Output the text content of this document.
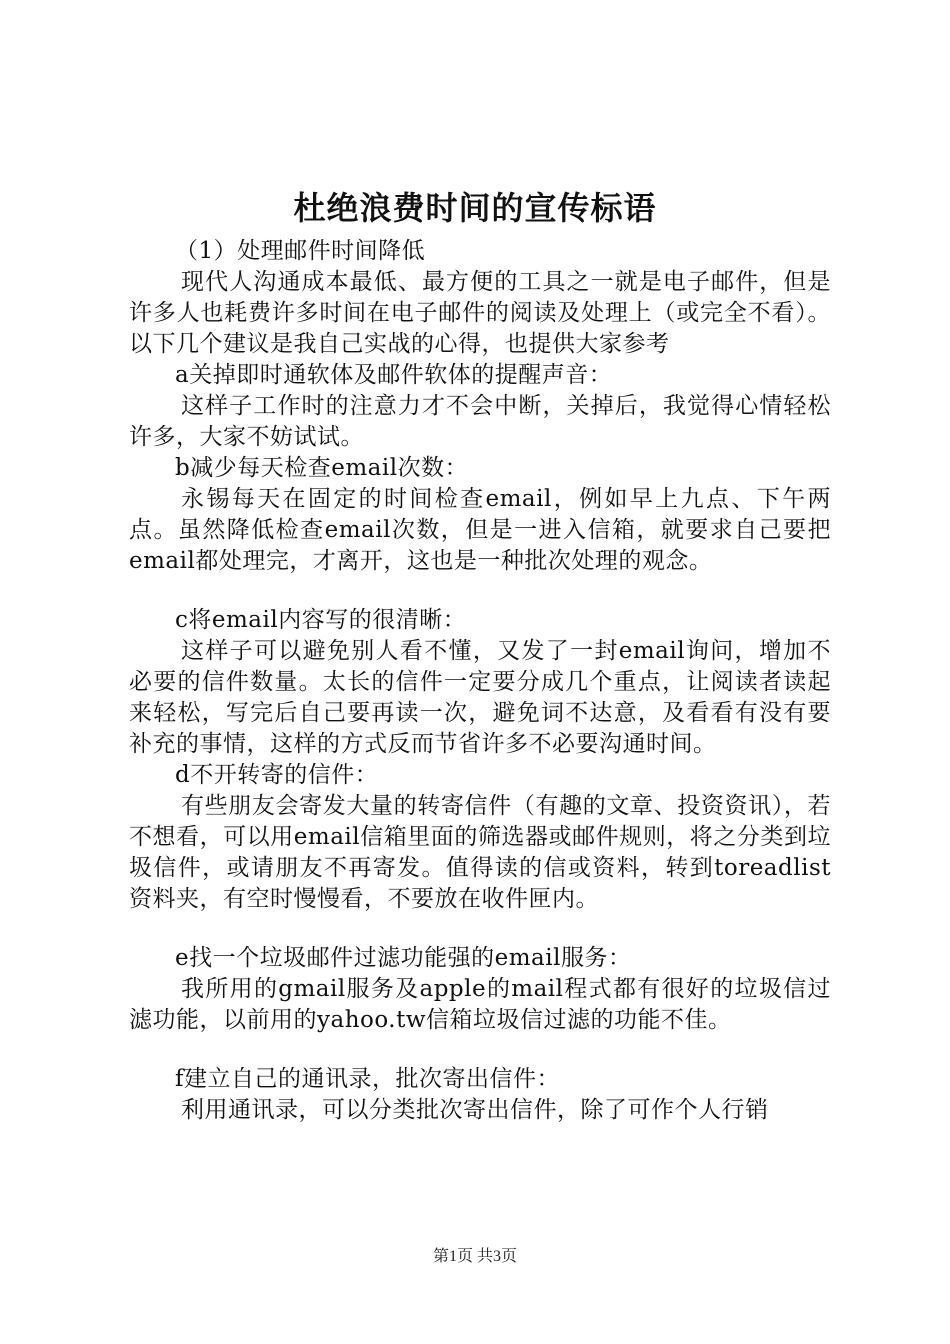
杜绝浪费时间的宣传标语

（1）处理邮件时间降低

现代人沟通成本最低、最方便的工具之一就是电子邮件，但是许多人也耗费许多时间在电子邮件的阅读及处理上（或完全不看）。以下几个建议是我自己实战的心得，也提供大家参考

a关掉即时通软体及邮件软体的提醒声音：

这样子工作时的注意力才不会中断，关掉后，我觉得心情轻松许多，大家不妨试试。

b减少每天检查email次数：

永锡每天在固定的时间检查email，例如早上九点、下午两点。虽然降低检查email次数，但是一进入信箱，就要求自己要把email都处理完，才离开，这也是一种批次处理的观念。

c将email内容写的很清晰：

这样子可以避免别人看不懂，又发了一封email询问，增加不必要的信件数量。太长的信件一定要分成几个重点，让阅读者读起来轻松，写完后自己要再读一次，避免词不达意，及看看有没有要补充的事情，这样的方式反而节省许多不必要沟通时间。

d不开转寄的信件：

有些朋友会寄发大量的转寄信件（有趣的文章、投资资讯），若不想看，可以用email信箱里面的筛选器或邮件规则，将之分类到垃圾信件，或请朋友不再寄发。值得读的信或资料，转到toreadlist资料夹，有空时慢慢看，不要放在收件匣内。

e找一个垃圾邮件过滤功能强的email服务：

我所用的gmail服务及apple的mail程式都有很好的垃圾信过滤功能，以前用的yahoo.tw信箱垃圾信过滤的功能不佳。

f建立自己的通讯录，批次寄出信件：

利用通讯录，可以分类批次寄出信件，除了可作个人行销

第1页 共3页
